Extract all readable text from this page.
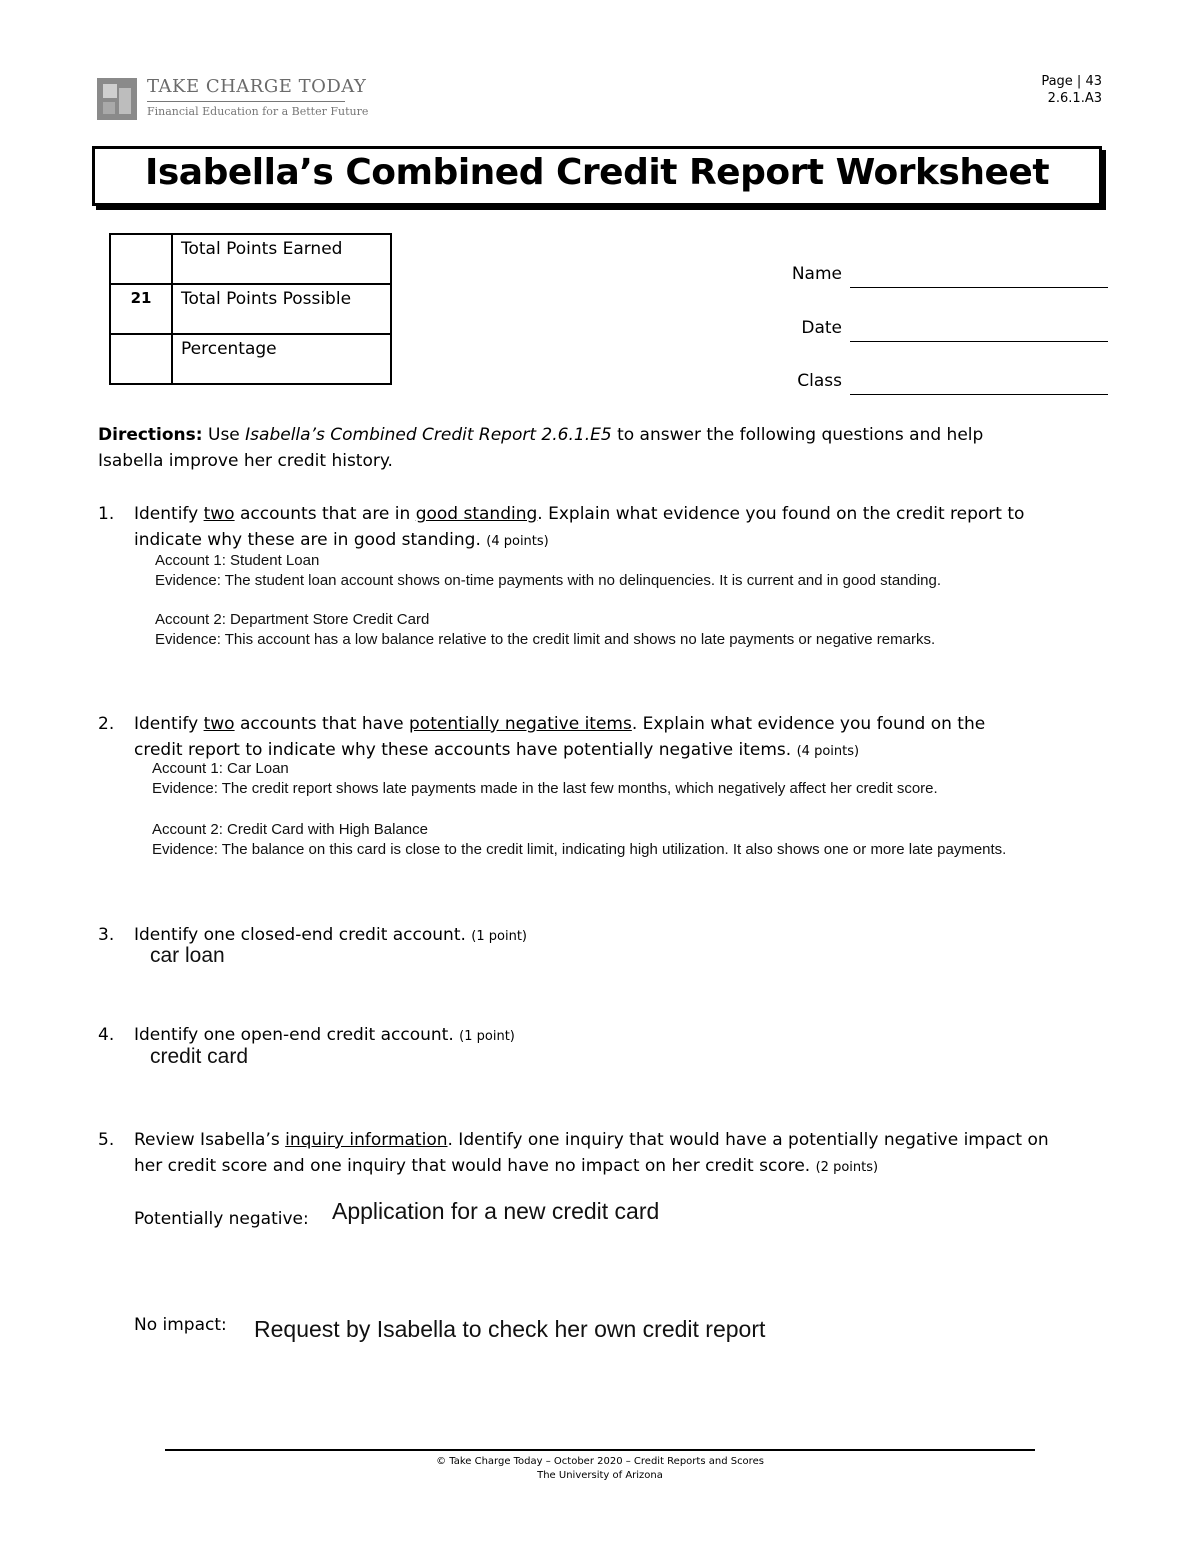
TAKE CHARGE TODAY
Financial Education for a Better Future
Page | 43
2.6.1.A3
Isabella’s Combined Credit Report Worksheet
	Total Points Earned
21	Total Points Possible
	Percentage
Name
Date
Class
Directions: Use Isabella’s Combined Credit Report 2.6.1.E5 to answer the following questions and help Isabella improve her credit history.
1. Identify two accounts that are in good standing. Explain what evidence you found on the credit report to indicate why these are in good standing. (4 points)
Account 1: Student Loan
Evidence: The student loan account shows on-time payments with no delinquencies. It is current and in good standing.
Account 2: Department Store Credit Card
Evidence: This account has a low balance relative to the credit limit and shows no late payments or negative remarks.
2. Identify two accounts that have potentially negative items. Explain what evidence you found on the credit report to indicate why these accounts have potentially negative items. (4 points)
Account 1: Car Loan
Evidence: The credit report shows late payments made in the last few months, which negatively affect her credit score.
Account 2: Credit Card with High Balance
Evidence: The balance on this card is close to the credit limit, indicating high utilization. It also shows one or more late payments.
3. Identify one closed-end credit account. (1 point)
car loan
4. Identify one open-end credit account. (1 point)
credit card
5. Review Isabella’s inquiry information. Identify one inquiry that would have a potentially negative impact on her credit score and one inquiry that would have no impact on her credit score. (2 points)
Potentially negative: Application for a new credit card
No impact: Request by Isabella to check her own credit report
© Take Charge Today – October 2020 – Credit Reports and Scores
The University of Arizona
